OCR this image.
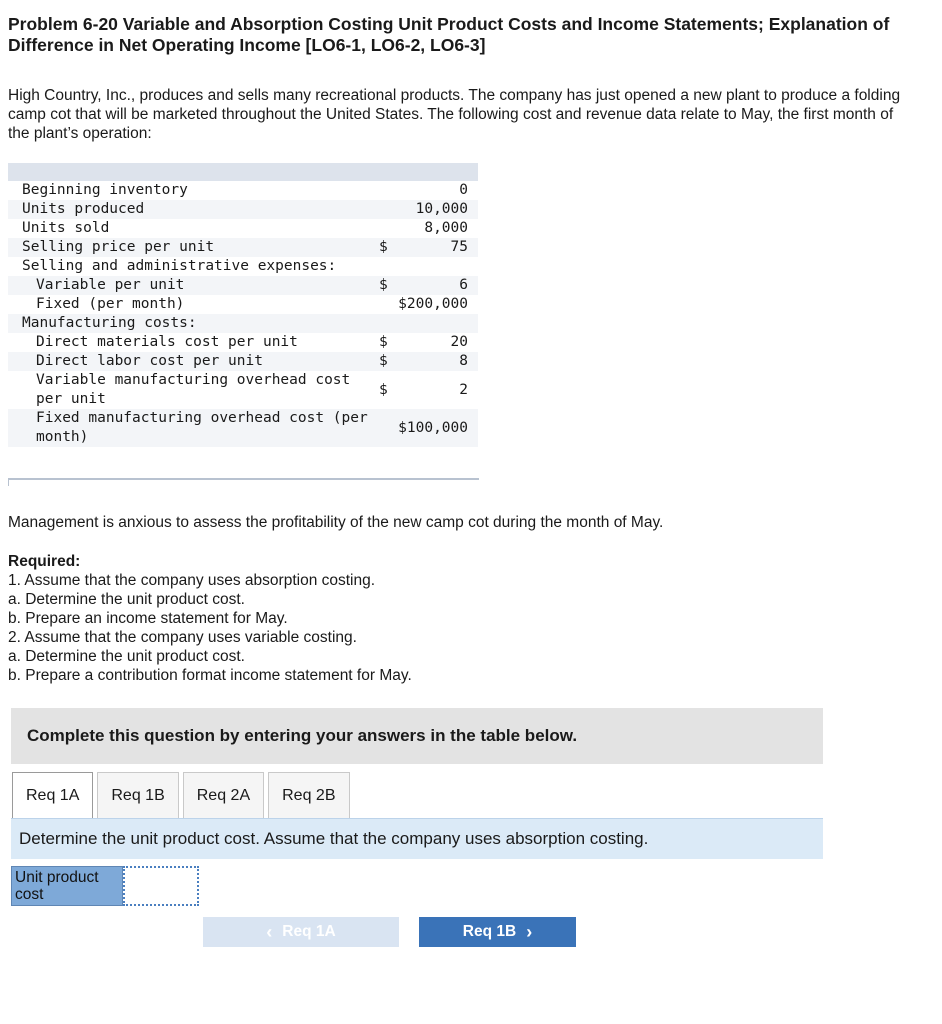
Problem 6-20 Variable and Absorption Costing Unit Product Costs and Income Statements; Explanation of Difference in Net Operating Income [LO6-1, LO6-2, LO6-3]

High Country, Inc., produces and sells many recreational products. The company has just opened a new plant to produce a folding camp cot that will be marketed throughout the United States. The following cost and revenue data relate to May, the first month of the plant’s operation:

Beginning inventory		0
Units produced		10,000
Units sold		8,000
Selling price per unit	$	75
Selling and administrative expenses:		
Variable per unit	$	6
Fixed (per month)		$200,000
Manufacturing costs:		
Direct materials cost per unit	$	20
Direct labor cost per unit	$	8
Variable manufacturing overhead cost per unit	$	2
Fixed manufacturing overhead cost (per month)		$100,000

Management is anxious to assess the profitability of the new camp cot during the month of May.

Required:
1. Assume that the company uses absorption costing.
a. Determine the unit product cost.
b. Prepare an income statement for May.
2. Assume that the company uses variable costing.
a. Determine the unit product cost.
b. Prepare a contribution format income statement for May.
Complete this question by entering your answers in the table below.
Req 1A	Req 1B	Req 2A	Req 2B
Determine the unit product cost. Assume that the company uses absorption costing.
Unit product cost
‹ Req 1A	Req 1B ›
